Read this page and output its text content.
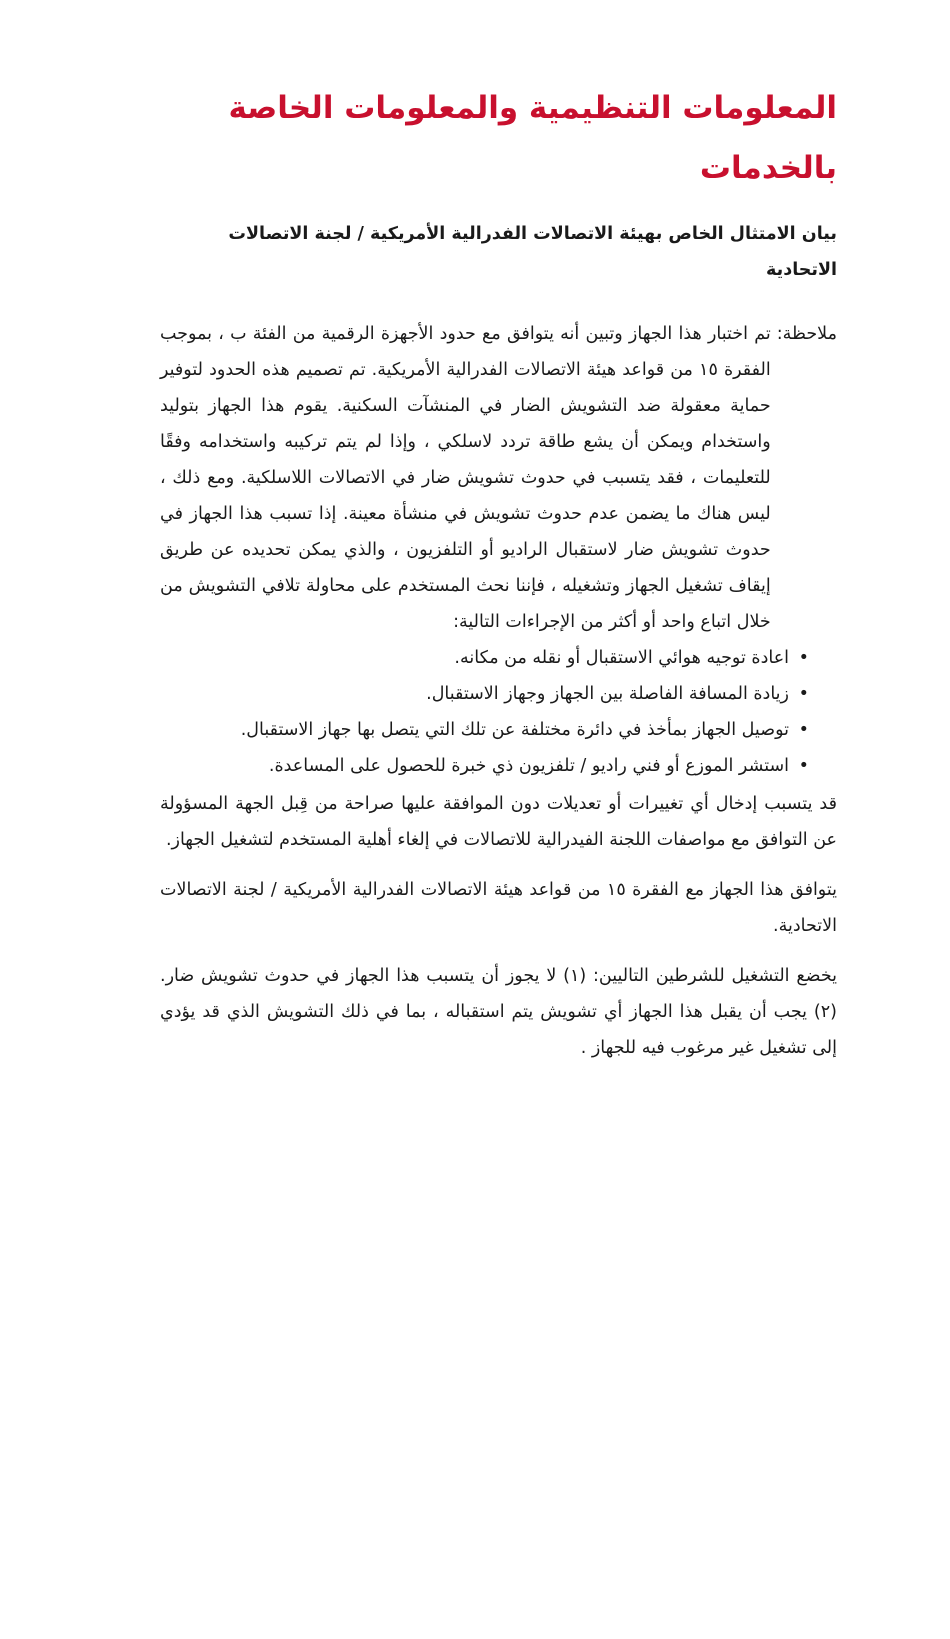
المعلومات التنظيمية والمعلومات الخاصة بالخدمات
بيان الامتثال الخاص بهيئة الاتصالات الفدرالية الأمريكية / لجنة الاتصالات الاتحادية
ملاحظة:
تم اختبار هذا الجهاز وتبين أنه يتوافق مع حدود الأجهزة الرقمية من الفئة ب ، بموجب الفقرة ١٥ من قواعد هيئة الاتصالات الفدرالية الأمريكية. تم تصميم هذه الحدود لتوفير حماية معقولة ضد التشويش الضار في المنشآت السكنية. يقوم هذا الجهاز بتوليد واستخدام ويمكن أن يشع طاقة تردد لاسلكي ، وإذا لم يتم تركيبه واستخدامه وفقًا للتعليمات ، فقد يتسبب في حدوث تشويش ضار في الاتصالات اللاسلكية. ومع ذلك ، ليس هناك ما يضمن عدم حدوث تشويش في منشأة معينة. إذا تسبب هذا الجهاز في حدوث تشويش ضار لاستقبال الراديو أو التلفزيون ، والذي يمكن تحديده عن طريق إيقاف تشغيل الجهاز وتشغيله ، فإننا نحث المستخدم على محاولة تلافي التشويش من خلال اتباع واحد أو أكثر من الإجراءات التالية:
•
اعادة توجيه هوائي الاستقبال أو نقله من مكانه.
•
زيادة المسافة الفاصلة بين الجهاز وجهاز الاستقبال.
•
توصيل الجهاز بمأخذ في دائرة مختلفة عن تلك التي يتصل بها جهاز الاستقبال.
•
استشر الموزع أو فني راديو / تلفزيون ذي خبرة للحصول على المساعدة.

قد يتسبب إدخال أي تغييرات أو تعديلات دون الموافقة عليها صراحة من قِبل الجهة المسؤولة عن التوافق مع مواصفات اللجنة الفيدرالية للاتصالات في إلغاء أهلية المستخدم لتشغيل الجهاز.

يتوافق هذا الجهاز مع الفقرة ١٥ من قواعد هيئة الاتصالات الفدرالية الأمريكية / لجنة الاتصالات الاتحادية.

يخضع التشغيل للشرطين التاليين: (١) لا يجوز أن يتسبب هذا الجهاز في حدوث تشويش ضار. (٢) يجب أن يقبل هذا الجهاز أي تشويش يتم استقباله ، بما في ذلك التشويش الذي قد يؤدي إلى تشغيل غير مرغوب فيه للجهاز .
